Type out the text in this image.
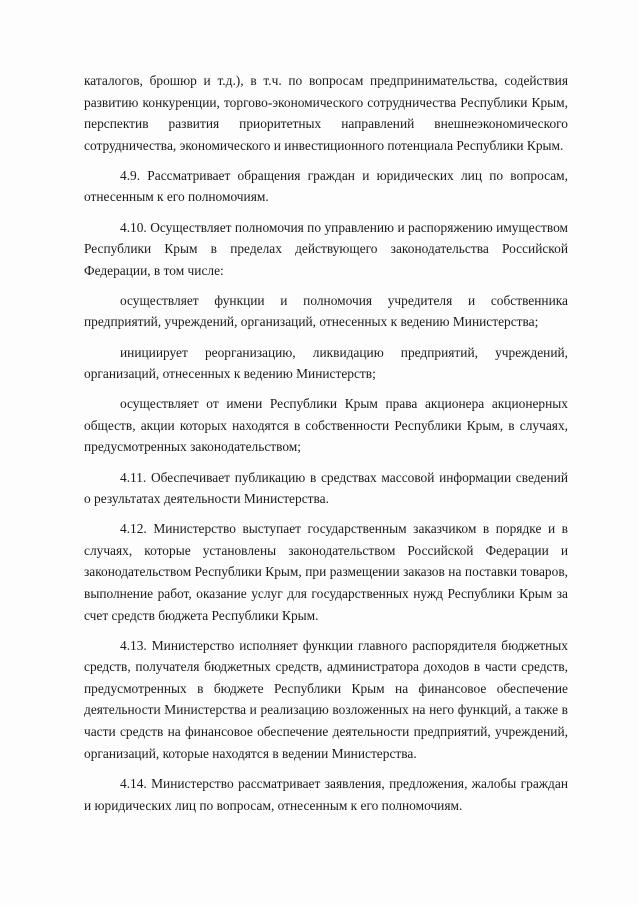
каталогов, брошюр и т.д.), в т.ч. по вопросам предпринимательства, содействия развитию конкуренции, торгово-экономического сотрудничества Республики Крым, перспектив развития приоритетных направлений внешнеэкономического сотрудничества, экономического и инвестиционного потенциала Республики Крым.

4.9. Рассматривает обращения граждан и юридических лиц по вопросам, отнесенным к его полномочиям.

4.10. Осуществляет полномочия по управлению и распоряжению имуществом Республики Крым в пределах действующего законодательства Российской Федерации, в том числе:

осуществляет функции и полномочия учредителя и собственника предприятий, учреждений, организаций, отнесенных к ведению Министерства;

инициирует реорганизацию, ликвидацию предприятий, учреждений, организаций, отнесенных к ведению Министерств;

осуществляет от имени Республики Крым права акционера акционерных обществ, акции которых находятся в собственности Республики Крым, в случаях, предусмотренных законодательством;

4.11. Обеспечивает публикацию в средствах массовой информации сведений о результатах деятельности Министерства.

4.12. Министерство выступает государственным заказчиком в порядке и в случаях, которые установлены законодательством Российской Федерации и законодательством Республики Крым, при размещении заказов на поставки товаров, выполнение работ, оказание услуг для государственных нужд Республики Крым за счет средств бюджета Республики Крым.

4.13. Министерство исполняет функции главного распорядителя бюджетных средств, получателя бюджетных средств, администратора доходов в части средств, предусмотренных в бюджете Республики Крым на финансовое обеспечение деятельности Министерства и реализацию возложенных на него функций, а также в части средств на финансовое обеспечение деятельности предприятий, учреждений, организаций, которые находятся в ведении Министерства.

4.14. Министерство рассматривает заявления, предложения, жалобы граждан и юридических лиц по вопросам, отнесенным к его полномочиям.
